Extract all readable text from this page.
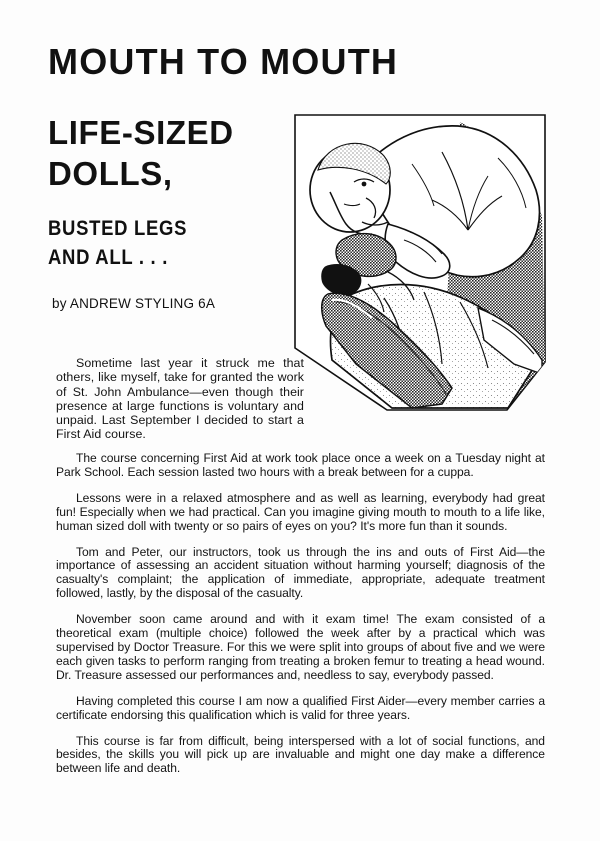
MOUTH TO MOUTH
LIFE-SIZED
DOLLS,
BUSTED LEGS
AND ALL . . .

by ANDREW STYLING 6A

Sometime last year it struck me that others, like myself, take for granted the work of St. John Ambulance—even though their presence at large functions is voluntary and unpaid. Last September I decided to start a First Aid course.

The course concerning First Aid at work took place once a week on a Tuesday night at Park School. Each session lasted two hours with a break between for a cuppa.

Lessons were in a relaxed atmosphere and as well as learning, everybody had great fun! Especially when we had practical. Can you imagine giving mouth to mouth to a life like, human sized doll with twenty or so pairs of eyes on you? It's more fun than it sounds.

Tom and Peter, our instructors, took us through the ins and outs of First Aid—the importance of assessing an accident situation without harming yourself; diagnosis of the casualty's complaint; the application of immediate, appropriate, adequate treatment followed, lastly, by the disposal of the casualty.

November soon came around and with it exam time! The exam consisted of a theoretical exam (multiple choice) followed the week after by a practical which was supervised by Doctor Treasure. For this we were split into groups of about five and we were each given tasks to perform ranging from treating a broken femur to treating a head wound. Dr. Treasure assessed our performances and, needless to say, everybody passed.

Having completed this course I am now a qualified First Aider—every member carries a certificate endorsing this qualification which is valid for three years.

This course is far from difficult, being interspersed with a lot of social functions, and besides, the skills you will pick up are invaluable and might one day make a difference between life and death.
